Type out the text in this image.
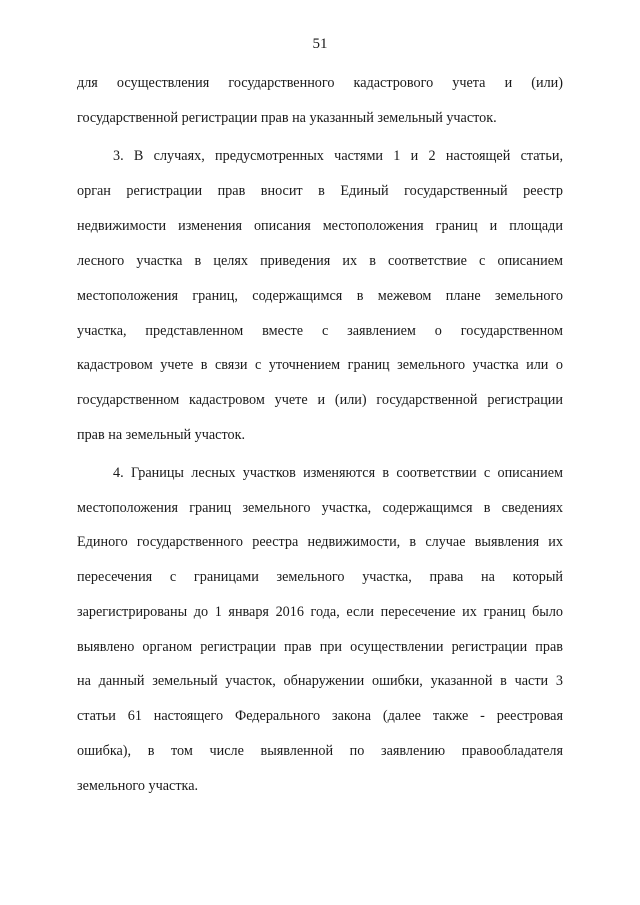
51
для осуществления государственного кадастрового учета и (или)
государственной регистрации прав на указанный земельный участок.
3. В случаях, предусмотренных частями 1 и 2 настоящей статьи,
орган регистрации прав вносит в Единый государственный реестр
недвижимости изменения описания местоположения границ и площади
лесного участка в целях приведения их в соответствие с описанием
местоположения границ, содержащимся в межевом плане земельного
участка, представленном вместе с заявлением о государственном
кадастровом учете в связи с уточнением границ земельного участка или о
государственном кадастровом учете и (или) государственной регистрации
прав на земельный участок.
4. Границы лесных участков изменяются в соответствии с описанием
местоположения границ земельного участка, содержащимся в сведениях
Единого государственного реестра недвижимости, в случае выявления их
пересечения с границами земельного участка, права на который
зарегистрированы до 1 января 2016 года, если пересечение их границ было
выявлено органом регистрации прав при осуществлении регистрации прав
на данный земельный участок, обнаружении ошибки, указанной в части 3
статьи 61 настоящего Федерального закона (далее также - реестровая
ошибка), в том числе выявленной по заявлению правообладателя
земельного участка.
